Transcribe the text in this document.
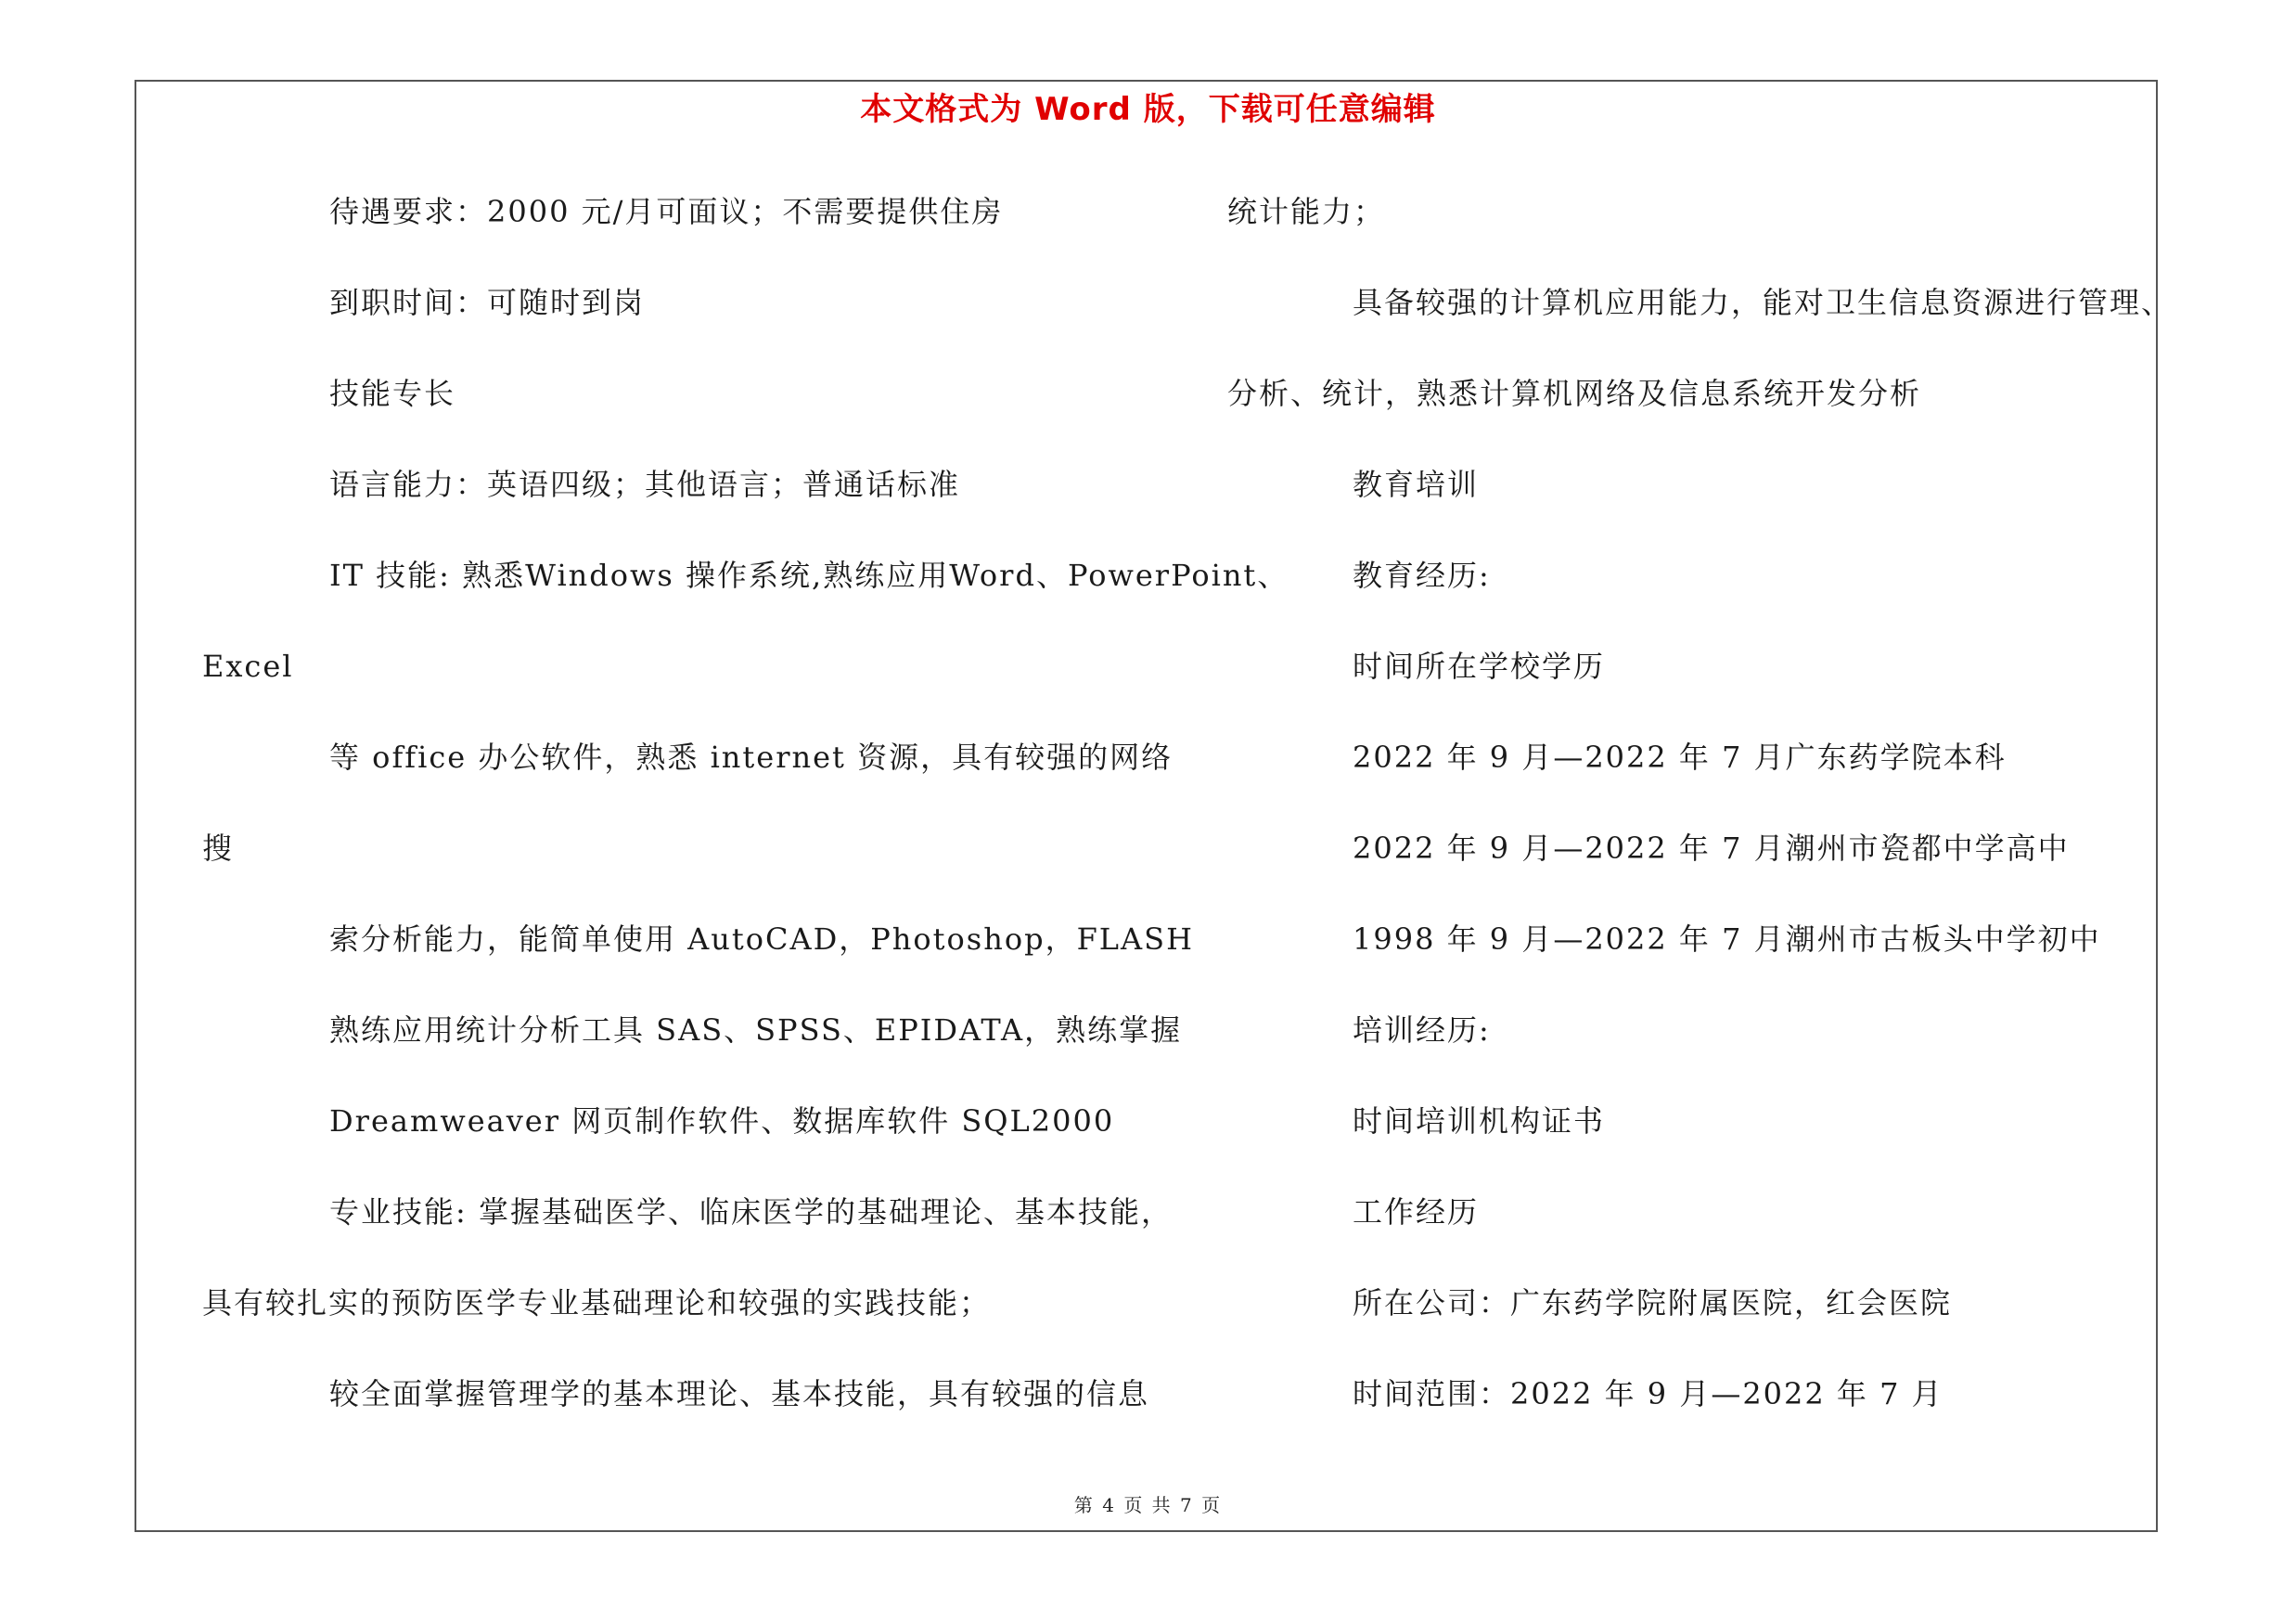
本文格式为 Word 版，下载可任意编辑
待遇要求：2000 元/月可面议；不需要提供住房
到职时间：可随时到岗
技能专长
语言能力：英语四级；其他语言；普通话标准
IT 技能: 熟悉Windows 操作系统,熟练应用Word、PowerPoint、
Excel
等 office 办公软件，熟悉 internet 资源，具有较强的网络
搜
索分析能力，能简单使用 AutoCAD，Photoshop，FLASH
熟练应用统计分析工具 SAS、SPSS、EPIDATA，熟练掌握
Dreamweaver 网页制作软件、数据库软件 SQL2000
专业技能: 掌握基础医学、临床医学的基础理论、基本技能，
具有较扎实的预防医学专业基础理论和较强的实践技能；
较全面掌握管理学的基本理论、基本技能，具有较强的信息
统计能力；
具备较强的计算机应用能力，能对卫生信息资源进行管理、
分析、统计，熟悉计算机网络及信息系统开发分析
教育培训
教育经历:
时间所在学校学历
2022 年 9 月—2022 年 7 月广东药学院本科
2022 年 9 月—2022 年 7 月潮州市瓷都中学高中
1998 年 9 月—2022 年 7 月潮州市古板头中学初中
培训经历:
时间培训机构证书
工作经历
所在公司：广东药学院附属医院，红会医院
时间范围：2022 年 9 月—2022 年 7 月
第 4 页 共 7 页
